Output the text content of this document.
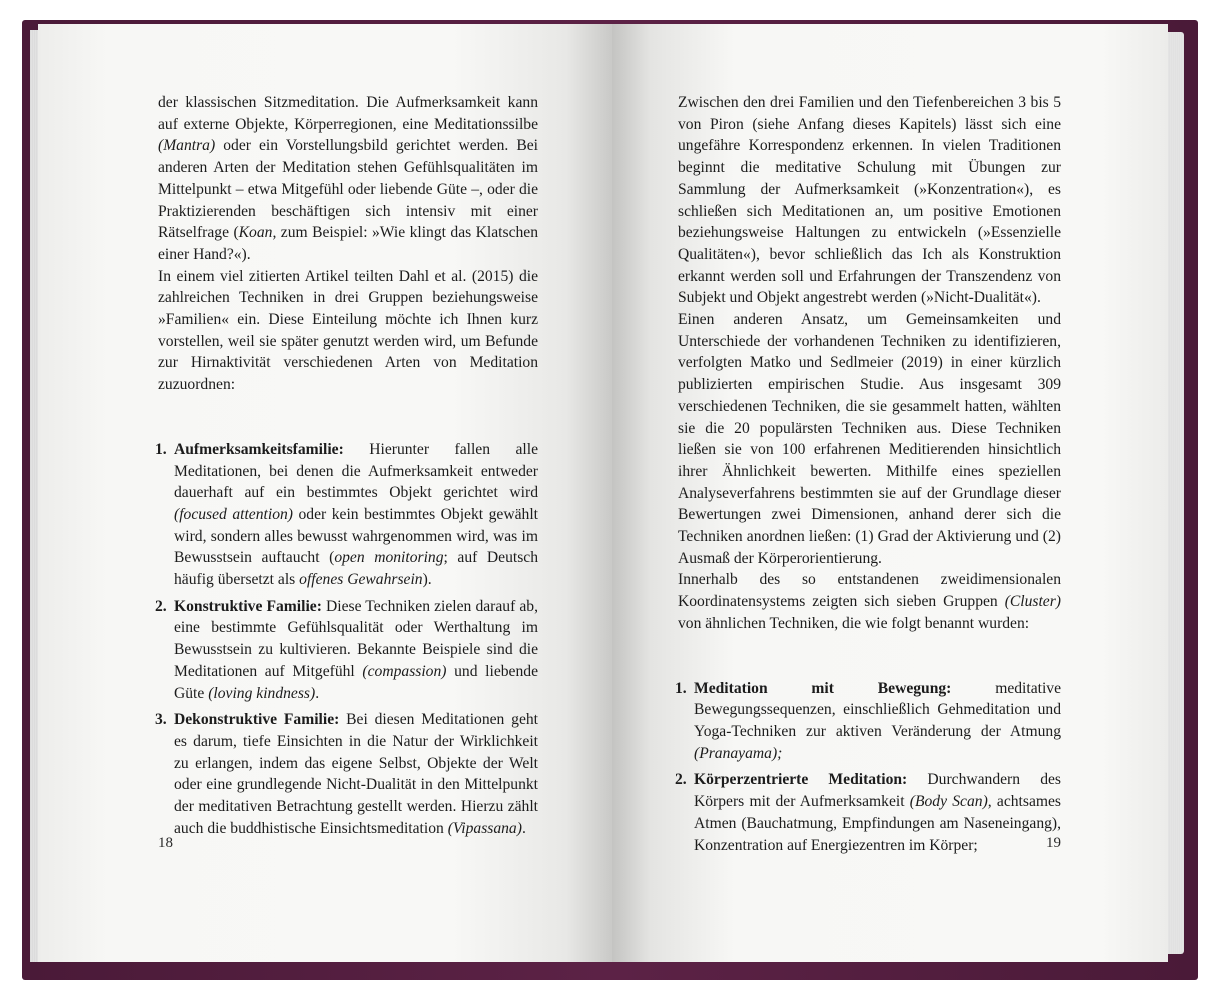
der klassischen Sitzmeditation. Die Aufmerksamkeit kann auf externe Objekte, Körperregionen, eine Meditationssilbe (Mantra) oder ein Vorstellungsbild gerichtet werden. Bei anderen Arten der Meditation stehen Gefühlsqualitäten im Mittelpunkt – etwa Mitgefühl oder liebende Güte –, oder die Praktizierenden beschäftigen sich intensiv mit einer Rätselfrage (Koan, zum Beispiel: »Wie klingt das Klatschen einer Hand?«).

In einem viel zitierten Artikel teilten Dahl et al. (2015) die zahlreichen Techniken in drei Gruppen beziehungsweise »Familien« ein. Diese Einteilung möchte ich Ihnen kurz vorstellen, weil sie später genutzt werden wird, um Befunde zur Hirnaktivität verschiedenen Arten von Meditation zuzuordnen:

1. Aufmerksamkeitsfamilie: Hierunter fallen alle Meditationen, bei denen die Aufmerksamkeit entweder dauerhaft auf ein bestimmtes Objekt gerichtet wird (focused attention) oder kein bestimmtes Objekt gewählt wird, sondern alles bewusst wahrgenommen wird, was im Bewusstsein auftaucht (open monitoring; auf Deutsch häufig übersetzt als offenes Gewahrsein).
2. Konstruktive Familie: Diese Techniken zielen darauf ab, eine bestimmte Gefühlsqualität oder Werthaltung im Bewusstsein zu kultivieren. Bekannte Beispiele sind die Meditationen auf Mitgefühl (compassion) und liebende Güte (loving kindness).
3. Dekonstruktive Familie: Bei diesen Meditationen geht es darum, tiefe Einsichten in die Natur der Wirklichkeit zu erlangen, indem das eigene Selbst, Objekte der Welt oder eine grundlegende Nicht-Dualität in den Mittelpunkt der meditativen Betrachtung gestellt werden. Hierzu zählt auch die buddhistische Einsichtsmeditation (Vipassana).
18

Zwischen den drei Familien und den Tiefenbereichen 3 bis 5 von Piron (siehe Anfang dieses Kapitels) lässt sich eine ungefähre Korrespondenz erkennen. In vielen Traditionen beginnt die meditative Schulung mit Übungen zur Sammlung der Aufmerksamkeit (»Konzentration«), es schließen sich Meditationen an, um positive Emotionen beziehungsweise Haltungen zu entwickeln (»Essenzielle Qualitäten«), bevor schließlich das Ich als Konstruktion erkannt werden soll und Erfahrungen der Transzendenz von Subjekt und Objekt angestrebt werden (»Nicht-Dualität«).

Einen anderen Ansatz, um Gemeinsamkeiten und Unterschiede der vorhandenen Techniken zu identifizieren, verfolgten Matko und Sedlmeier (2019) in einer kürzlich publizierten empirischen Studie. Aus insgesamt 309 verschiedenen Techniken, die sie gesammelt hatten, wählten sie die 20 populärsten Techniken aus. Diese Techniken ließen sie von 100 erfahrenen Meditierenden hinsichtlich ihrer Ähnlichkeit bewerten. Mithilfe eines speziellen Analyseverfahrens bestimmten sie auf der Grundlage dieser Bewertungen zwei Dimensionen, anhand derer sich die Techniken anordnen ließen: (1) Grad der Aktivierung und (2) Ausmaß der Körperorientierung.

Innerhalb des so entstandenen zweidimensionalen Koordinatensystems zeigten sich sieben Gruppen (Cluster) von ähnlichen Techniken, die wie folgt benannt wurden:

1. Meditation mit Bewegung: meditative Bewegungssequenzen, einschließlich Gehmeditation und Yoga-Techniken zur aktiven Veränderung der Atmung (Pranayama);
2. Körperzentrierte Meditation: Durchwandern des Körpers mit der Aufmerksamkeit (Body Scan), achtsames Atmen (Bauchatmung, Empfindungen am Naseneingang), Konzentration auf Energiezentren im Körper;	19
